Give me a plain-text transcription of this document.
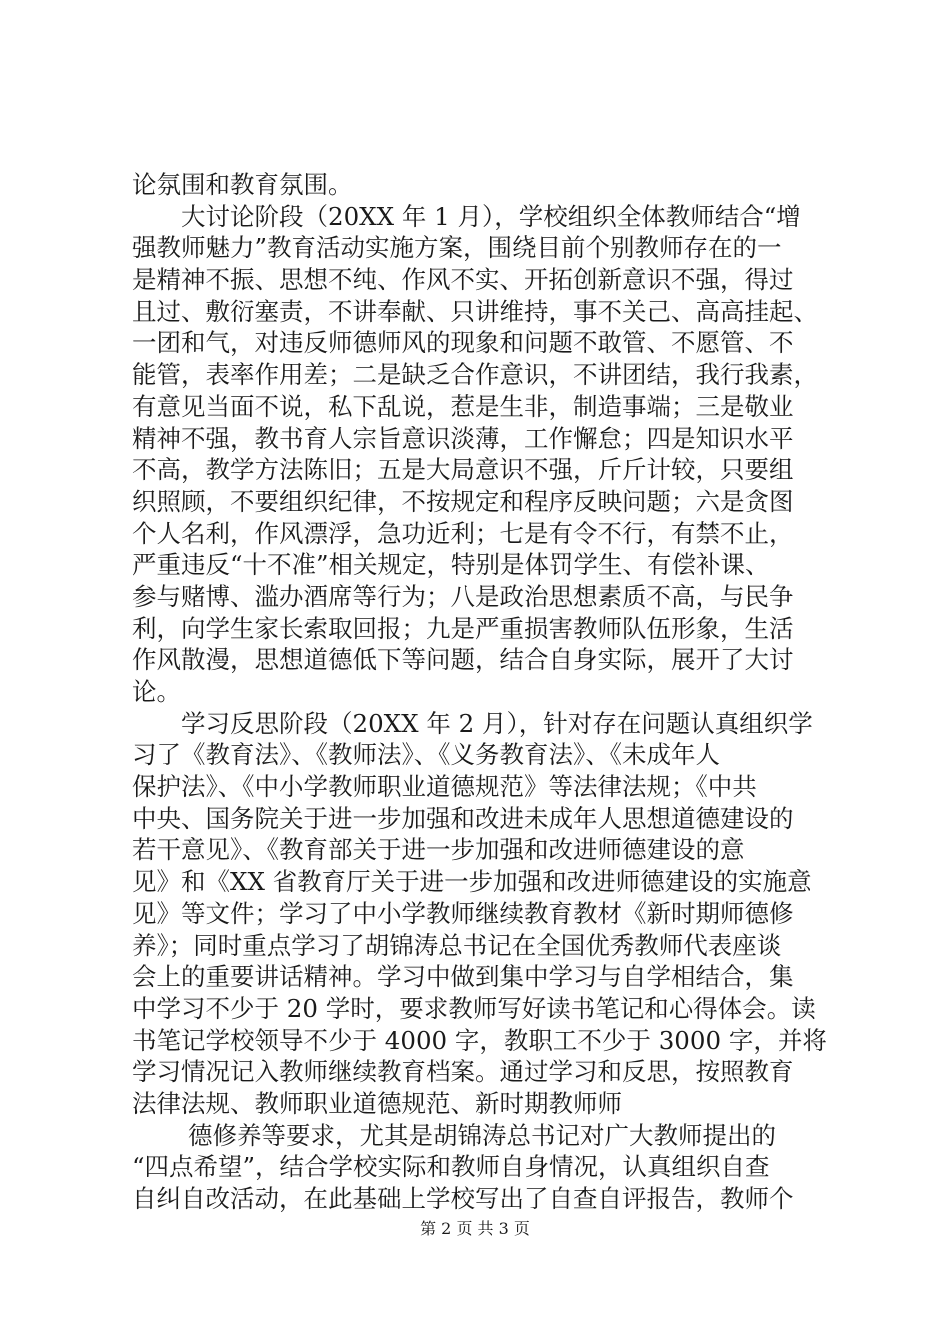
论氛围和教育氛围。
大讨论阶段（20XX 年 1 月），学校组织全体教师结合“增
强教师魅力”教育活动实施方案，围绕目前个别教师存在的一
是精神不振、思想不纯、作风不实、开拓创新意识不强，得过
且过、敷衍塞责，不讲奉献、只讲维持，事不关己、高高挂起、
一团和气，对违反师德师风的现象和问题不敢管、不愿管、不
能管，表率作用差；二是缺乏合作意识，不讲团结，我行我素，
有意见当面不说，私下乱说，惹是生非，制造事端；三是敬业
精神不强，教书育人宗旨意识淡薄，工作懈怠；四是知识水平
不高，教学方法陈旧；五是大局意识不强，斤斤计较，只要组
织照顾，不要组织纪律，不按规定和程序反映问题；六是贪图
个人名利，作风漂浮，急功近利；七是有令不行，有禁不止，
严重违反“十不准”相关规定，特别是体罚学生、有偿补课、
参与赌博、滥办酒席等行为；八是政治思想素质不高，与民争
利，向学生家长索取回报；九是严重损害教师队伍形象，生活
作风散漫，思想道德低下等问题，结合自身实际，展开了大讨
论。
学习反思阶段（20XX 年 2 月），针对存在问题认真组织学
习了《教育法》、《教师法》、《义务教育法》、《未成年人
保护法》、《中小学教师职业道德规范》等法律法规；《中共
中央、国务院关于进一步加强和改进未成年人思想道德建设的
若干意见》、《教育部关于进一步加强和改进师德建设的意
见》和《XX 省教育厅关于进一步加强和改进师德建设的实施意
见》等文件；学习了中小学教师继续教育教材《新时期师德修
养》；同时重点学习了胡锦涛总书记在全国优秀教师代表座谈
会上的重要讲话精神。学习中做到集中学习与自学相结合，集
中学习不少于 20 学时，要求教师写好读书笔记和心得体会。读
书笔记学校领导不少于 4000 字，教职工不少于 3000 字，并将
学习情况记入教师继续教育档案。通过学习和反思，按照教育
法律法规、教师职业道德规范、新时期教师师
德修养等要求，尤其是胡锦涛总书记对广大教师提出的
“四点希望”，结合学校实际和教师自身情况，认真组织自查
自纠自改活动，在此基础上学校写出了自查自评报告，教师个
第 2 页 共 3 页
